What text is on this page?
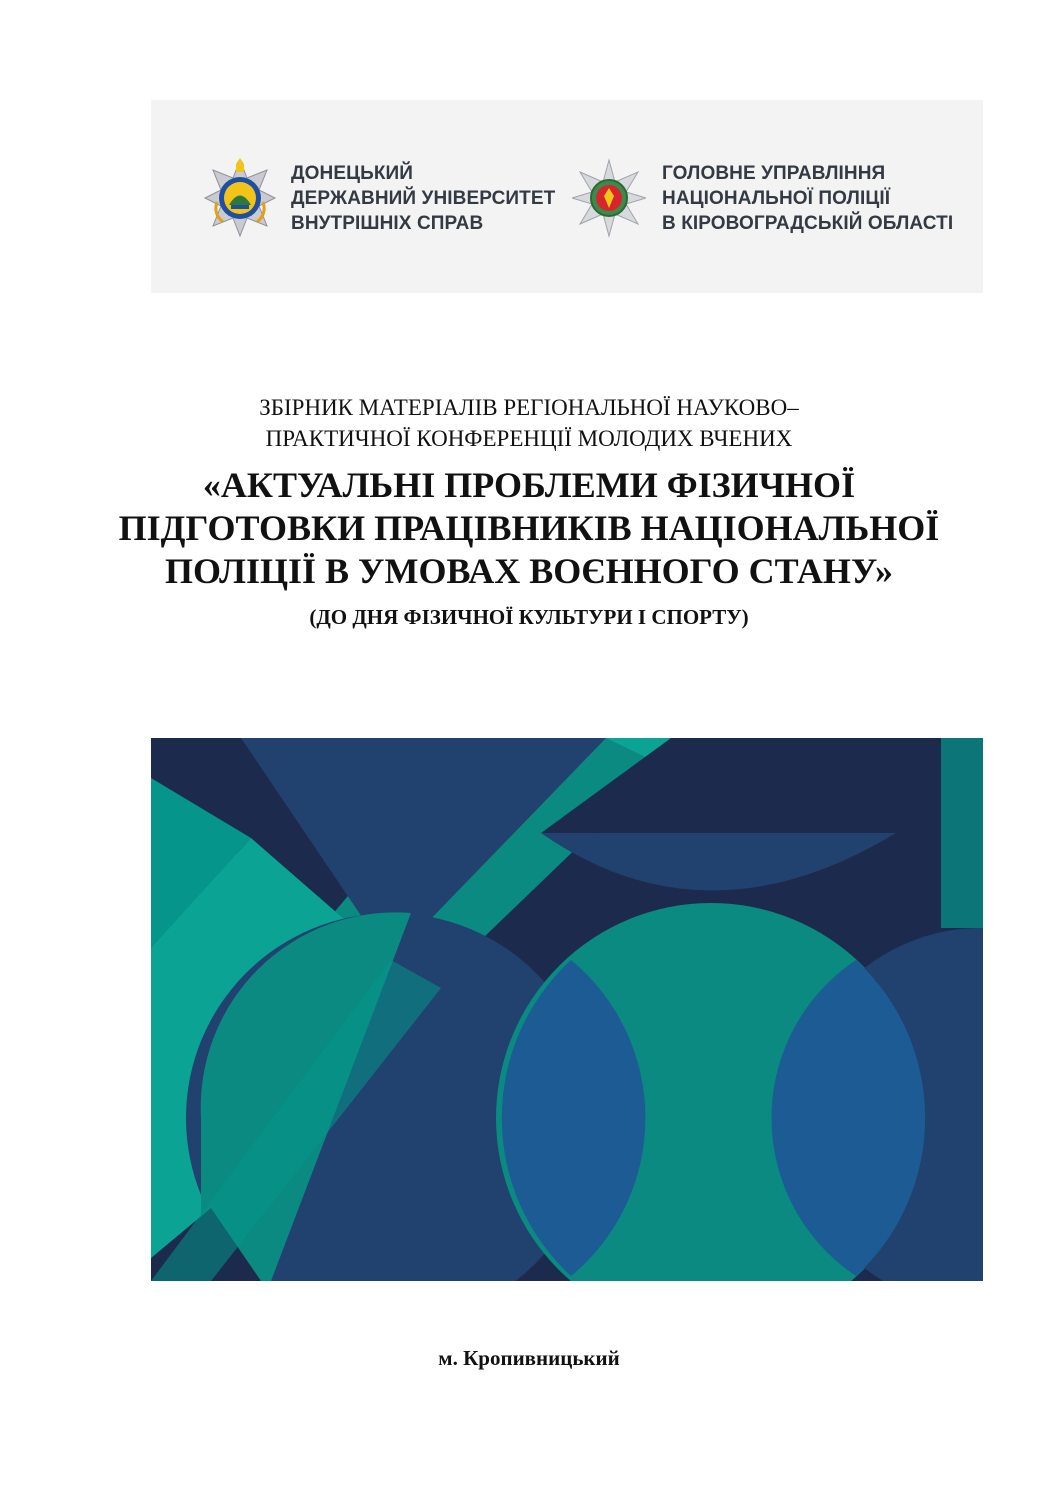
ДОНЕЦЬКИЙ
ДЕРЖАВНИЙ УНІВЕРСИТЕТ
ВНУТРІШНІХ СПРАВ
ГОЛОВНЕ УПРАВЛІННЯ
НАЦІОНАЛЬНОЇ ПОЛІЦІЇ
В КІРОВОГРАДСЬКІЙ ОБЛАСТІ
ЗБІРНИК МАТЕРІАЛІВ РЕГІОНАЛЬНОЇ НАУКОВО–
ПРАКТИЧНОЇ КОНФЕРЕНЦІЇ МОЛОДИХ ВЧЕНИХ
«АКТУАЛЬНІ ПРОБЛЕМИ ФІЗИЧНОЇ
ПІДГОТОВКИ ПРАЦІВНИКІВ НАЦІОНАЛЬНОЇ
ПОЛІЦІЇ В УМОВАХ ВОЄННОГО СТАНУ»
(ДО ДНЯ ФІЗИЧНОЇ КУЛЬТУРИ І СПОРТУ)
м. Кропивницький
